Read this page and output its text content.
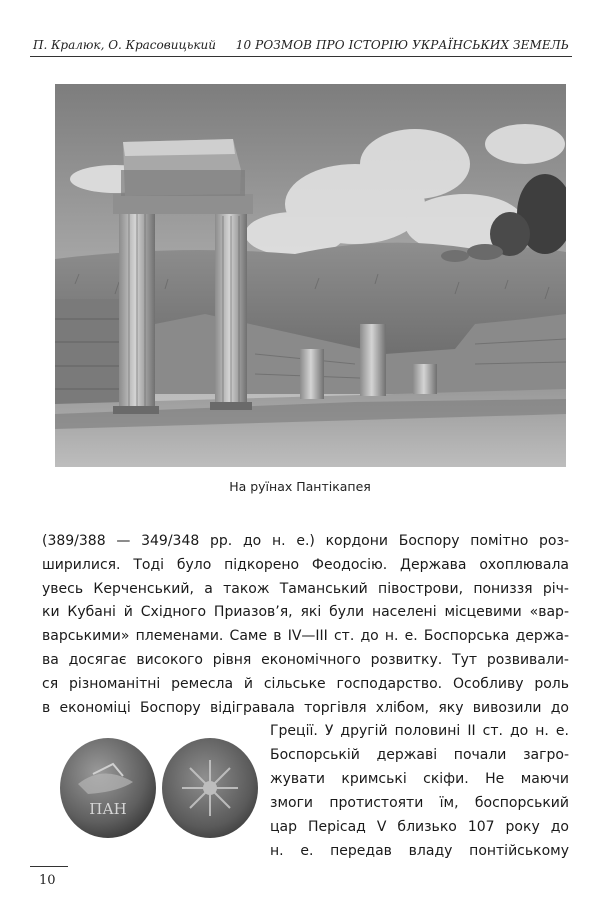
П. Кралюк, О. Красовицький 10 РОЗМОВ ПРО ІСТОРІЮ УКРАЇНСЬКИХ ЗЕМЕЛЬ
На руїнах Пантікапея
(389/388 — 349/348 рр. до н. е.) кордони Боспору помітно роз-
ширилися. Тоді було підкорено Феодосію. Держава охоплювала
увесь Керченський, а також Таманський півострови, пониззя річ-
ки Кубані й Східного Приазов’я, які були населені місцевими «вар-
варськими» племенами. Саме в IV—III ст. до н. е. Боспорська держа-
ва досягає високого рівня економічного розвитку. Тут розвивали-
ся різноманітні ремесла й сільське господарство. Особливу роль
в економіці Боспору відігравала торгівля хлібом, яку вивозили до
Греції. У другій половині II ст. до н. е.
Боспорській державі почали загро-
жувати кримські скіфи. Не маючи
змоги протистояти їм, боспорський
цар Перісад V близько 107 року до
н. е. передав владу понтійському
ПАН
10
